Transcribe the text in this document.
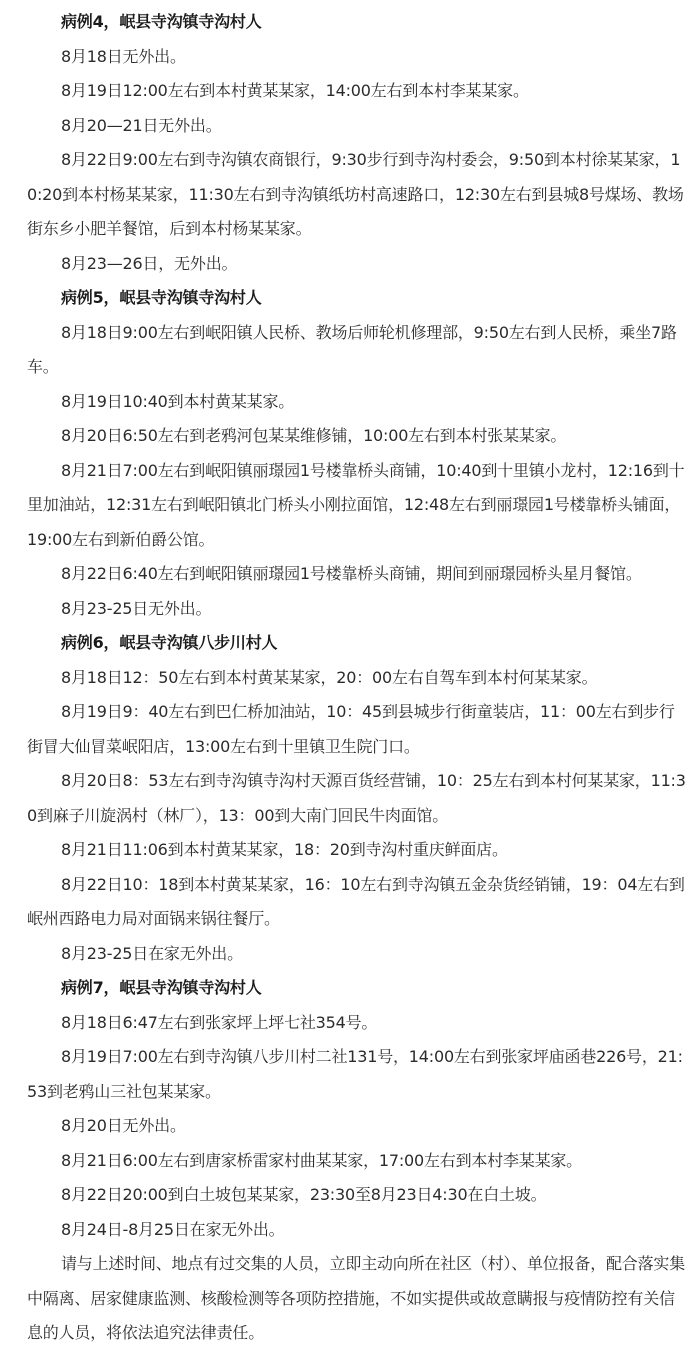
病例4，岷县寺沟镇寺沟村人

8月18日无外出。

8月19日12:00左右到本村黄某某家，14:00左右到本村李某某家。

8月20—21日无外出。

8月22日9:00左右到寺沟镇农商银行，9:30步行到寺沟村委会，9:50到本村徐某某家，10:20到本村杨某某家，11:30左右到寺沟镇纸坊村高速路口，12:30左右到县城8号煤场、教场街东乡小肥羊餐馆，后到本村杨某某家。

8月23—26日，无外出。

病例5，岷县寺沟镇寺沟村人

8月18日9:00左右到岷阳镇人民桥、教场后师轮机修理部，9:50左右到人民桥，乘坐7路车。

8月19日10:40到本村黄某某家。

8月20日6:50左右到老鸦河包某某维修铺，10:00左右到本村张某某家。

8月21日7:00左右到岷阳镇丽璟园1号楼靠桥头商铺，10:40到十里镇小龙村，12:16到十里加油站，12:31左右到岷阳镇北门桥头小刚拉面馆，12:48左右到丽璟园1号楼靠桥头铺面，19:00左右到新伯爵公馆。

8月22日6:40左右到岷阳镇丽璟园1号楼靠桥头商铺，期间到丽璟园桥头星月餐馆。

8月23-25日无外出。

病例6，岷县寺沟镇八步川村人

8月18日12：50左右到本村黄某某家，20：00左右自驾车到本村何某某家。

8月19日9：40左右到巴仁桥加油站，10：45到县城步行街童装店，11：00左右到步行街冒大仙冒菜岷阳店，13:00左右到十里镇卫生院门口。

8月20日8：53左右到寺沟镇寺沟村天源百货经营铺，10：25左右到本村何某某家，11:30到麻子川旋涡村（林厂），13：00到大南门回民牛肉面馆。

8月21日11:06到本村黄某某家，18：20到寺沟村重庆鲜面店。

8月22日10：18到本村黄某某家，16：10左右到寺沟镇五金杂货经销铺，19：04左右到岷州西路电力局对面锅来锅往餐厅。

8月23-25日在家无外出。

病例7，岷县寺沟镇寺沟村人

8月18日6:47左右到张家坪上坪七社354号。

8月19日7:00左右到寺沟镇八步川村二社131号，14:00左右到张家坪庙函巷226号，21:53到老鸦山三社包某某家。

8月20日无外出。

8月21日6:00左右到唐家桥雷家村曲某某家，17:00左右到本村李某某家。

8月22日20:00到白土坡包某某家，23:30至8月23日4:30在白土坡。

8月24日-8月25日在家无外出。

请与上述时间、地点有过交集的人员，立即主动向所在社区（村）、单位报备，配合落实集中隔离、居家健康监测、核酸检测等各项防控措施，不如实提供或故意瞒报与疫情防控有关信息的人员，将依法追究法律责任。
